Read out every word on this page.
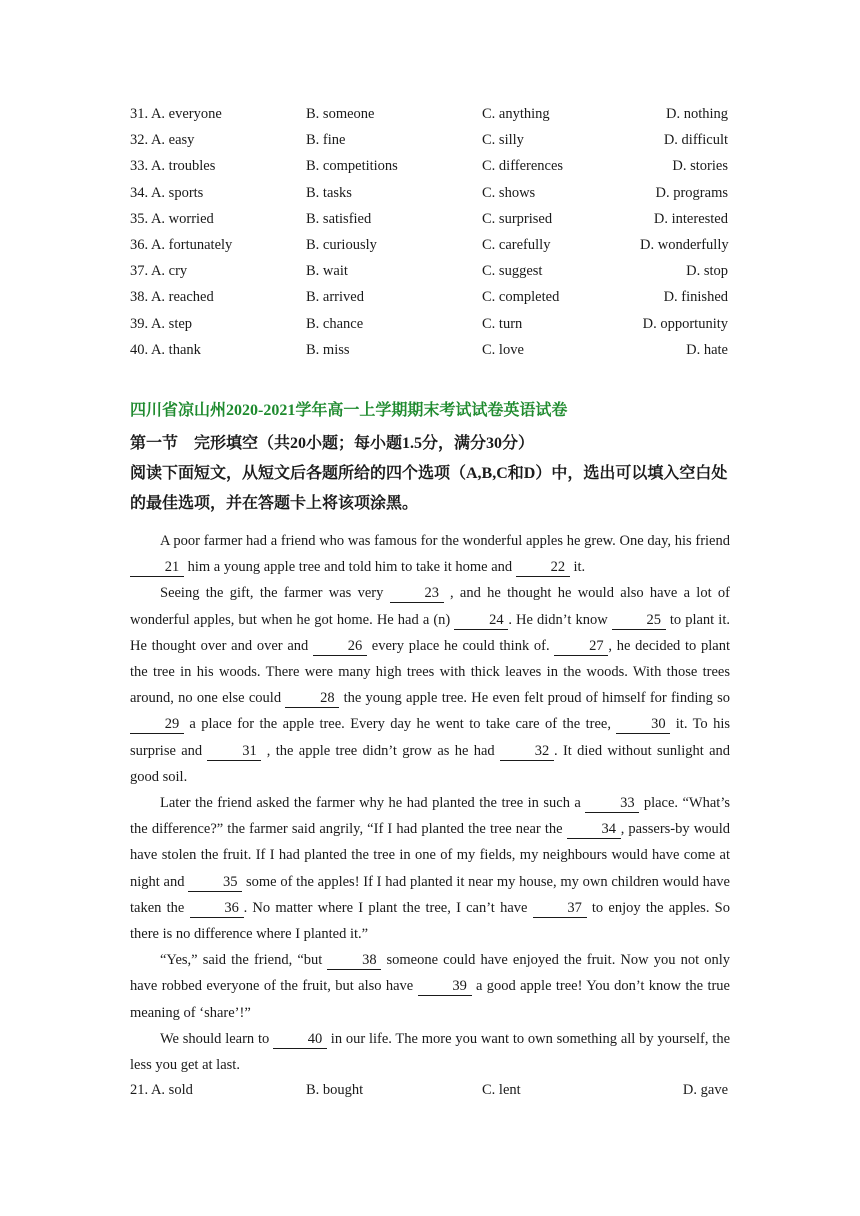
31. A. everyone	B. someone	C. anything	D. nothing
32. A. easy	B. fine	C. silly	D. difficult
33. A. troubles	B. competitions	C. differences	D. stories
34. A. sports	B. tasks	C. shows	D. programs
35. A. worried	B. satisfied	C. surprised	D. interested
36. A. fortunately	B. curiously	C. carefully	D. wonderfully
37. A. cry	B. wait	C. suggest	D. stop
38. A. reached	B. arrived	C. completed	D. finished
39. A. step	B. chance	C. turn	D. opportunity
40. A. thank	B. miss	C. love	D. hate
四川省凉山州2020-2021学年高一上学期期末考试试卷英语试卷
第一节　完形填空（共20小题；每小题1.5分，满分30分）
阅读下面短文，从短文后各题所给的四个选项（A,B,C和D）中，选出可以填入空白处的最佳选项，并在答题卡上将该项涂黑。

A poor farmer had a friend who was famous for the wonderful apples he grew. One day, his friend 21 him a young apple tree and told him to take it home and 22 it.

Seeing the gift, the farmer was very 23 , and he thought he would also have a lot of wonderful apples, but when he got home. He had a (n) 24 . He didn’t know 25 to plant it. He thought over and over and 26 every place he could think of. 27 , he decided to plant the tree in his woods. There were many high trees with thick leaves in the woods. With those trees around, no one else could 28 the young apple tree. He even felt proud of himself for finding so 29 a place for the apple tree. Every day he went to take care of the tree, 30 it. To his surprise and 31 , the apple tree didn’t grow as he had 32 . It died without sunlight and good soil.

Later the friend asked the farmer why he had planted the tree in such a 33 place. “What’s the difference?” the farmer said angrily, “If I had planted the tree near the 34 , passers-by would have stolen the fruit. If I had planted the tree in one of my fields, my neighbours would have come at night and 35 some of the apples! If I had planted it near my house, my own children would have taken the 36 . No matter where I plant the tree, I can’t have 37 to enjoy the apples. So there is no difference where I planted it.”

“Yes,” said the friend, “but 38 someone could have enjoyed the fruit. Now you not only have robbed everyone of the fruit, but also have 39 a good apple tree! You don’t know the true meaning of ‘share’!”

We should learn to 40 in our life. The more you want to own something all by yourself, the less you get at last.

21. A. sold	B. bought	C. lent	D. gave
